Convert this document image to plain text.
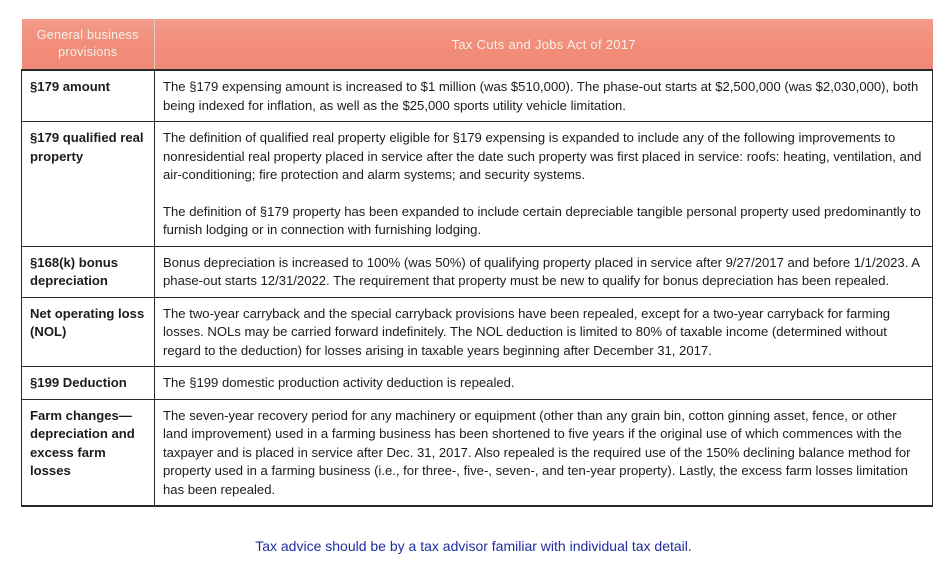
General business provisions	Tax Cuts and Jobs Act of 2017
§179 amount	The §179 expensing amount is increased to $1 million (was $510,000). The phase-out starts at $2,500,000 (was $2,030,000), both being indexed for inflation, as well as the $25,000 sports utility vehicle limitation.

§179 qualified real property	The definition of qualified real property eligible for §179 expensing is expanded to include any of the following improvements to nonresidential real property placed in service after the date such property was first placed in service: roofs: heating, ventilation, and air-conditioning; fire protection and alarm systems; and security systems.

The definition of §179 property has been expanded to include certain depreciable tangible personal property used predominantly to furnish lodging or in connection with furnishing lodging.

§168(k) bonus depreciation	Bonus depreciation is increased to 100% (was 50%) of qualifying property placed in service after 9/27/2017 and before 1/1/2023. A phase-out starts 12/31/2022. The requirement that property must be new to qualify for bonus depreciation has been repealed.

Net operating loss (NOL)	The two-year carryback and the special carryback provisions have been repealed, except for a two-year carryback for farming losses. NOLs may be carried forward indefinitely. The NOL deduction is limited to 80% of taxable income (determined without regard to the deduction) for losses arising in taxable years beginning after December 31, 2017.

§199 Deduction	The §199 domestic production activity deduction is repealed.

Farm changes—depreciation and excess farm losses	The seven-year recovery period for any machinery or equipment (other than any grain bin, cotton ginning asset, fence, or other land improvement) used in a farming business has been shortened to five years if the original use of which commences with the taxpayer and is placed in service after Dec. 31, 2017. Also repealed is the required use of the 150% declining balance method for property used in a farming business (i.e., for three-, five-, seven-, and ten-year property). Lastly, the excess farm losses limitation has been repealed.

Tax advice should be by a tax advisor familiar with individual tax detail.
